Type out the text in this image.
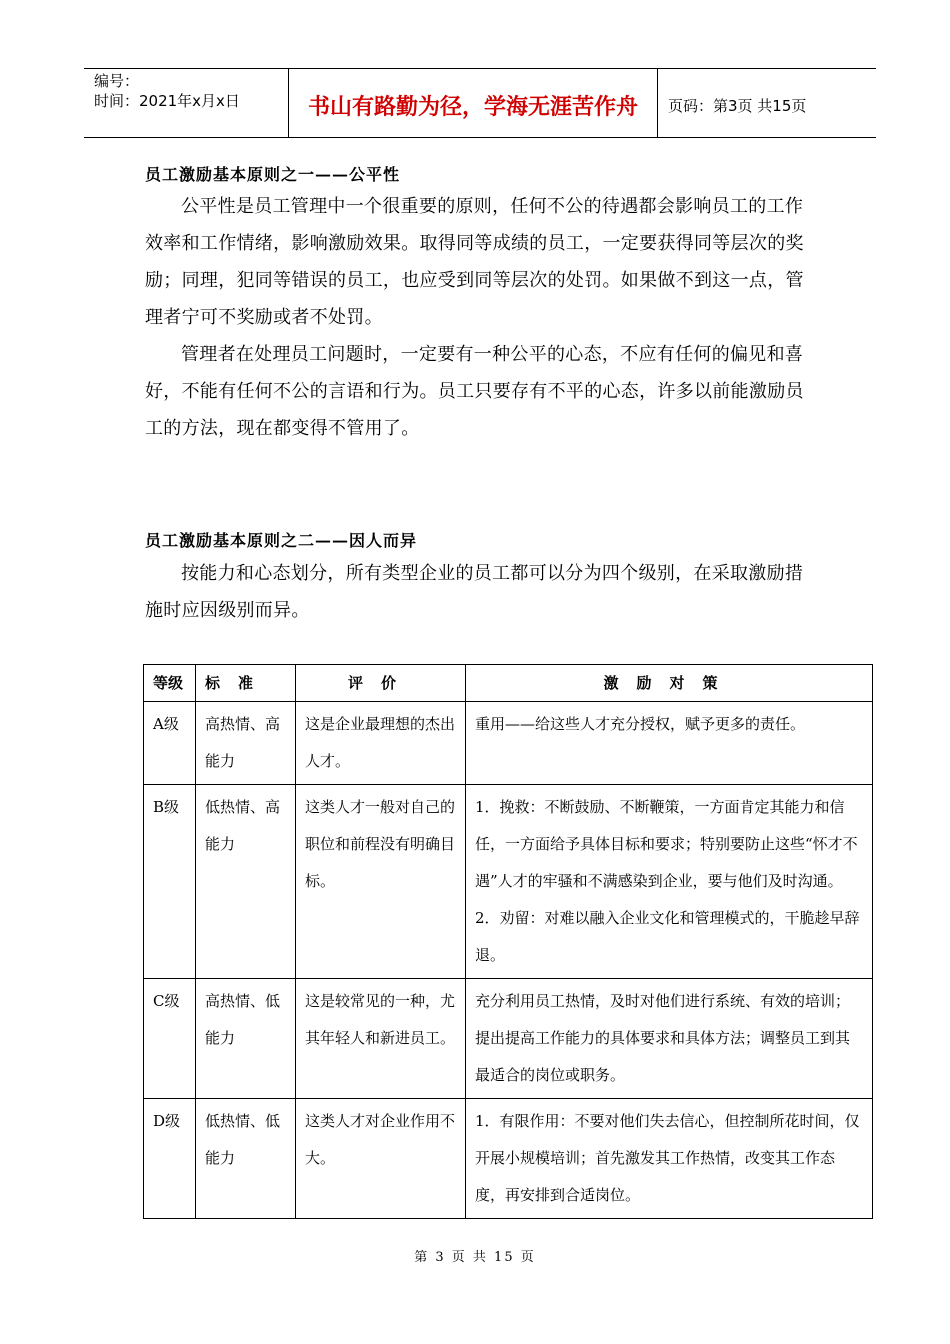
编号：
时间：2021年x月x日	书山有路勤为径，学海无涯苦作舟	页码：第3页 共15页
员工激励基本原则之一——公平性

公平性是员工管理中一个很重要的原则，任何不公的待遇都会影响员工的工作效率和工作情绪，影响激励效果。取得同等成绩的员工，一定要获得同等层次的奖励；同理，犯同等错误的员工，也应受到同等层次的处罚。如果做不到这一点，管理者宁可不奖励或者不处罚。

管理者在处理员工问题时，一定要有一种公平的心态，不应有任何的偏见和喜好，不能有任何不公的言语和行为。员工只要存有不平的心态，许多以前能激励员工的方法，现在都变得不管用了。

员工激励基本原则之二——因人而异

按能力和心态划分，所有类型企业的员工都可以分为四个级别，在采取激励措施时应因级别而异。

等级	标准	评价	激励对策
A级	高热情、高能力	这是企业最理想的杰出人才。	重用——给这些人才充分授权，赋予更多的责任。

B级	低热情、高能力	这类人才一般对自己的职位和前程没有明确目标。	1．挽救：不断鼓励、不断鞭策，一方面肯定其能力和信任，一方面给予具体目标和要求；特别要防止这些“怀才不遇”人才的牢骚和不满感染到企业，要与他们及时沟通。
2．劝留：对难以融入企业文化和管理模式的，干脆趁早辞退。

C级	高热情、低能力	这是较常见的一种，尤其年轻人和新进员工。	充分利用员工热情，及时对他们进行系统、有效的培训；提出提高工作能力的具体要求和具体方法；调整员工到其最适合的岗位或职务。

D级	低热情、低能力	这类人才对企业作用不大。	1．有限作用：不要对他们失去信心，但控制所花时间，仅开展小规模培训；首先激发其工作热情，改变其工作态度，再安排到合适岗位。
第 3 页 共 15 页
